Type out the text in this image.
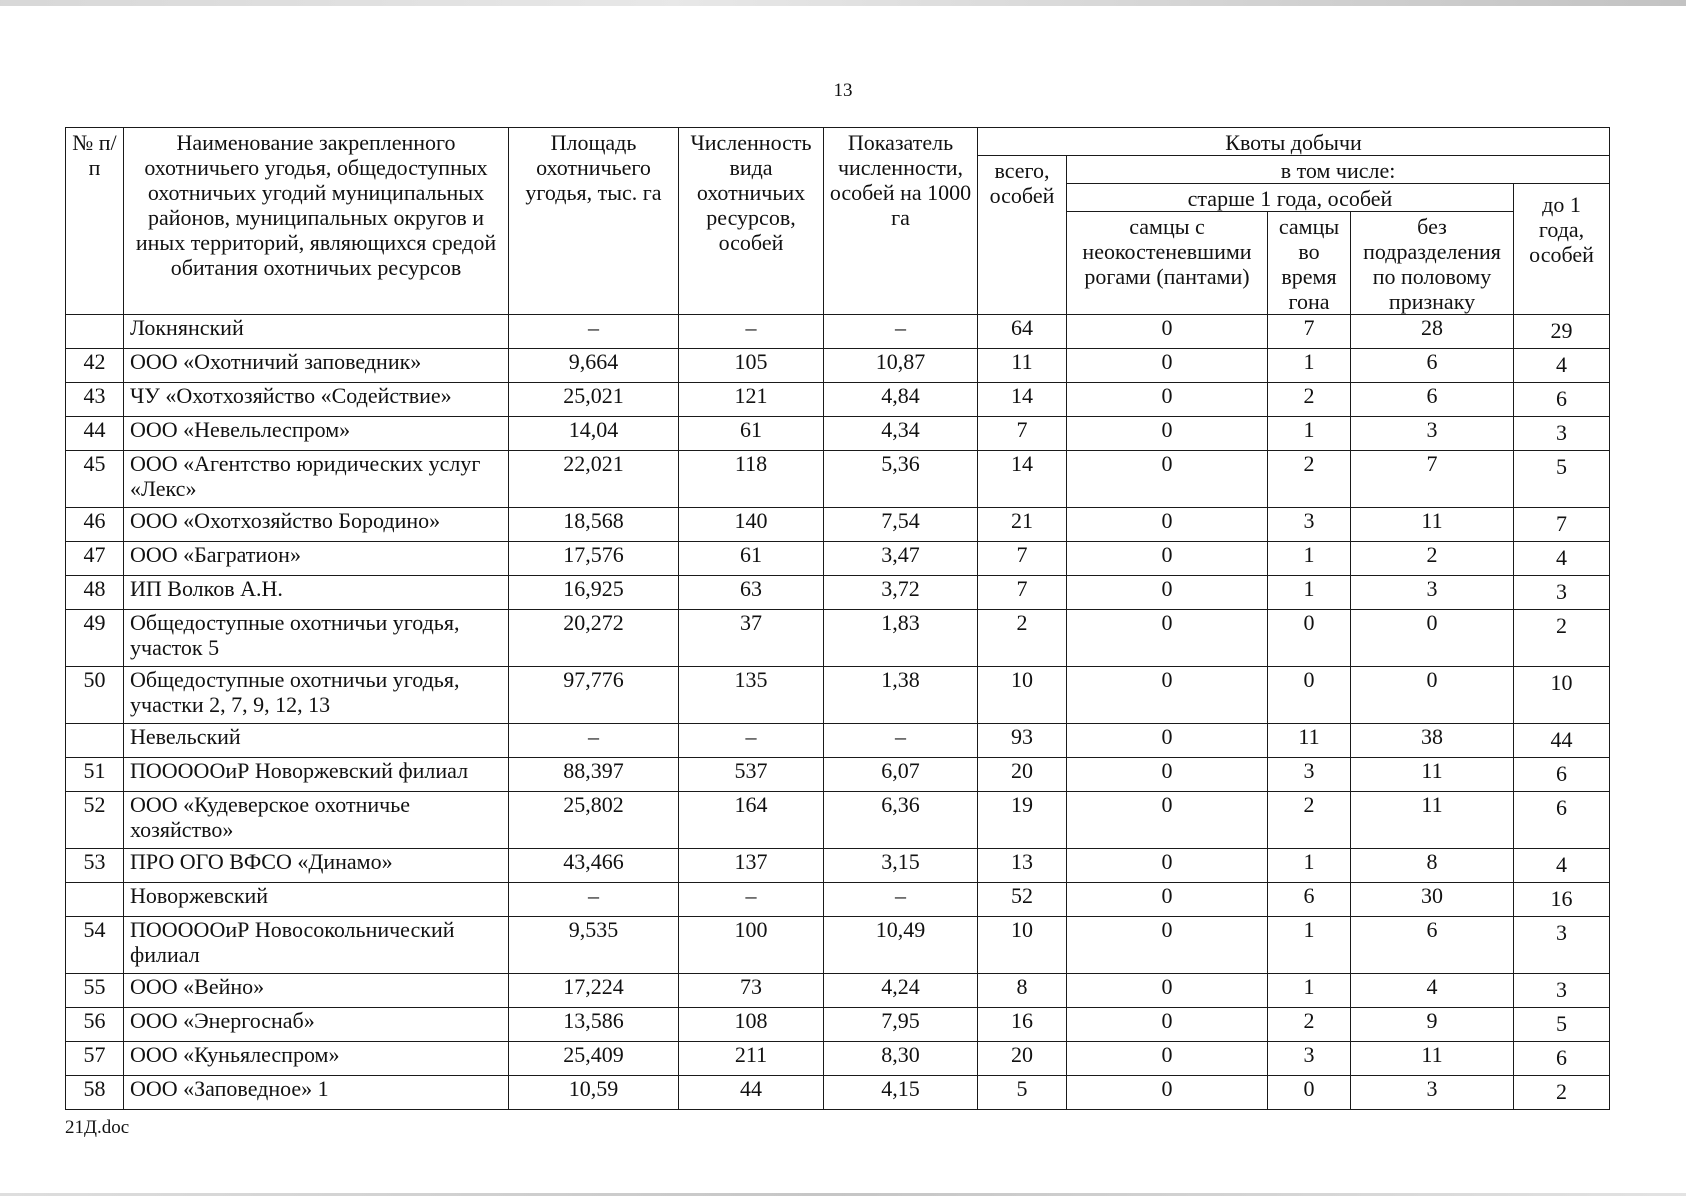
13
№ п/п	Наименование закрепленного охотничьего угодья, общедоступных охотничьих угодий муниципальных районов, муниципальных округов и иных территорий, являющихся средой обитания охотничьих ресурсов	Площадь охотничьего угодья, тыс. га	Численность вида охотничьих ресурсов, особей	Показатель численности, особей на 1000 га	Квоты добычи				
					всего, особей	в том числе:			
						старше 1 года, особей			до 1 года, особей
						самцы с неокостеневшими рогами (пантами)	самцы во время гона	без подразделения по половому признаку	
	Локнянский	–	–	–	64	0	7	28	29
42	ООО «Охотничий заповедник»	9,664	105	10,87	11	0	1	6	4
43	ЧУ «Охотхозяйство «Содействие»	25,021	121	4,84	14	0	2	6	6
44	ООО «Невельлеспром»	14,04	61	4,34	7	0	1	3	3
45	ООО «Агентство юридических услуг «Лекс»	22,021	118	5,36	14	0	2	7	5
46	ООО «Охотхозяйство Бородино»	18,568	140	7,54	21	0	3	11	7
47	ООО «Багратион»	17,576	61	3,47	7	0	1	2	4
48	ИП Волков А.Н.	16,925	63	3,72	7	0	1	3	3
49	Общедоступные охотничьи угодья, участок 5	20,272	37	1,83	2	0	0	0	2
50	Общедоступные охотничьи угодья, участки 2, 7, 9, 12, 13	97,776	135	1,38	10	0	0	0	10
	Невельский	–	–	–	93	0	11	38	44
51	ПОООООиР Новоржевский филиал	88,397	537	6,07	20	0	3	11	6
52	ООО «Кудеверское охотничье хозяйство»	25,802	164	6,36	19	0	2	11	6
53	ПРО ОГО ВФСО «Динамо»	43,466	137	3,15	13	0	1	8	4
	Новоржевский	–	–	–	52	0	6	30	16
54	ПОООООиР Новосокольнический филиал	9,535	100	10,49	10	0	1	6	3
55	ООО «Вейно»	17,224	73	4,24	8	0	1	4	3
56	ООО «Энергоснаб»	13,586	108	7,95	16	0	2	9	5
57	ООО «Куньялеспром»	25,409	211	8,30	20	0	3	11	6
58	ООО «Заповедное» 1	10,59	44	4,15	5	0	0	3	2
21Д.doc
